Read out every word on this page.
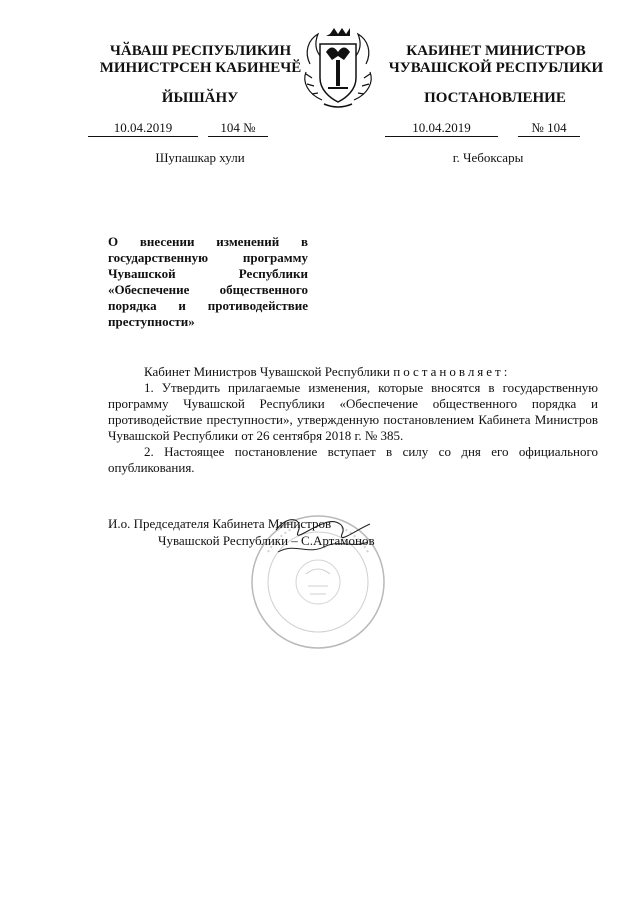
ЧӐВАШ РЕСПУБЛИКИН
МИНИСТРСЕН КАБИНЕЧӖ
КАБИНЕТ МИНИСТРОВ
ЧУВАШСКОЙ РЕСПУБЛИКИ
ЙЫШӐНУ	ПОСТАНОВЛЕНИЕ
10.04.2019	104 №	10.04.2019	№ 104
Шупашкар хули	г. Чебоксары
О внесении изменений в государственную программу Чувашской Республики «Обеспечение общественного порядка и противодействие преступности»
Кабинет Министров Чувашской Республики постановляет:
1. Утвердить прилагаемые изменения, которые вносятся в государственную программу Чувашской Республики «Обеспечение общественного порядка и противодействие преступности», утвержденную постановлением Кабинета Министров Чувашской Республики от 26 сентября 2018 г. № 385.
2. Настоящее постановление вступает в силу со дня его официального опубликования.
И.о. Председателя Кабинета Министров
Чувашской Республики – С.Артамонов
